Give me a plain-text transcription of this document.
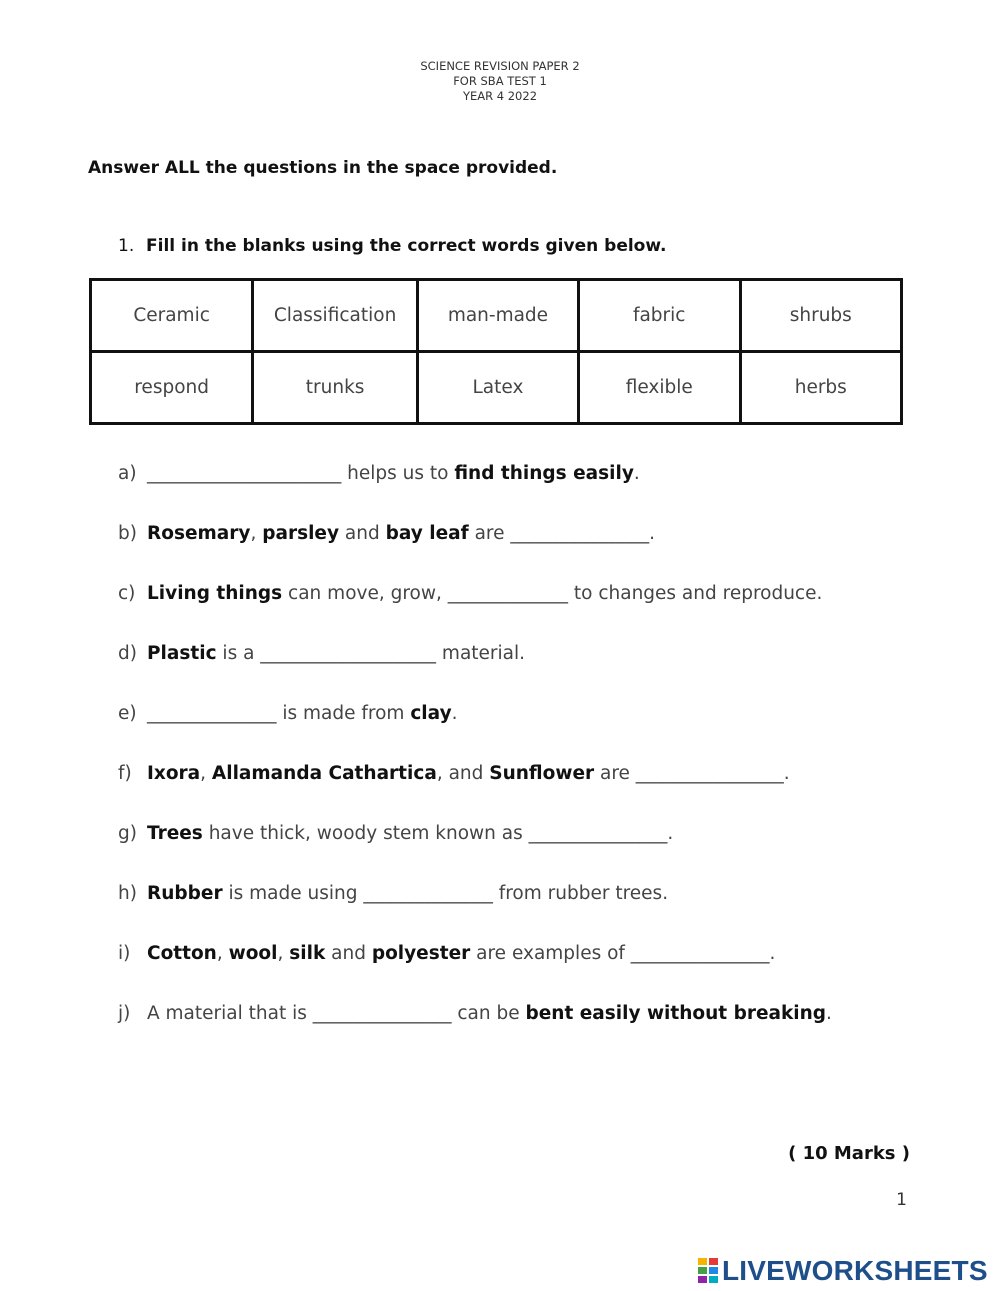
SCIENCE REVISION PAPER 2
FOR SBA TEST 1
YEAR 4 2022
Answer ALL the questions in the space provided.
1. Fill in the blanks using the correct words given below.
Ceramic	Classification	man-made	fabric	shrubs
respond	trunks	Latex	flexible	herbs
a) _____________________ helps us to find things easily.
b) Rosemary, parsley and bay leaf are _______________.
c) Living things can move, grow, _____________ to changes and reproduce.
d) Plastic is a ___________________ material.
e) ______________ is made from clay.
f) Ixora, Allamanda Cathartica, and Sunflower are ________________.
g) Trees have thick, woody stem known as _______________.
h) Rubber is made using ______________ from rubber trees.
i) Cotton, wool, silk and polyester are examples of _______________.
j) A material that is _______________ can be bent easily without breaking.
( 10 Marks )
1
LIVEWORKSHEETS
